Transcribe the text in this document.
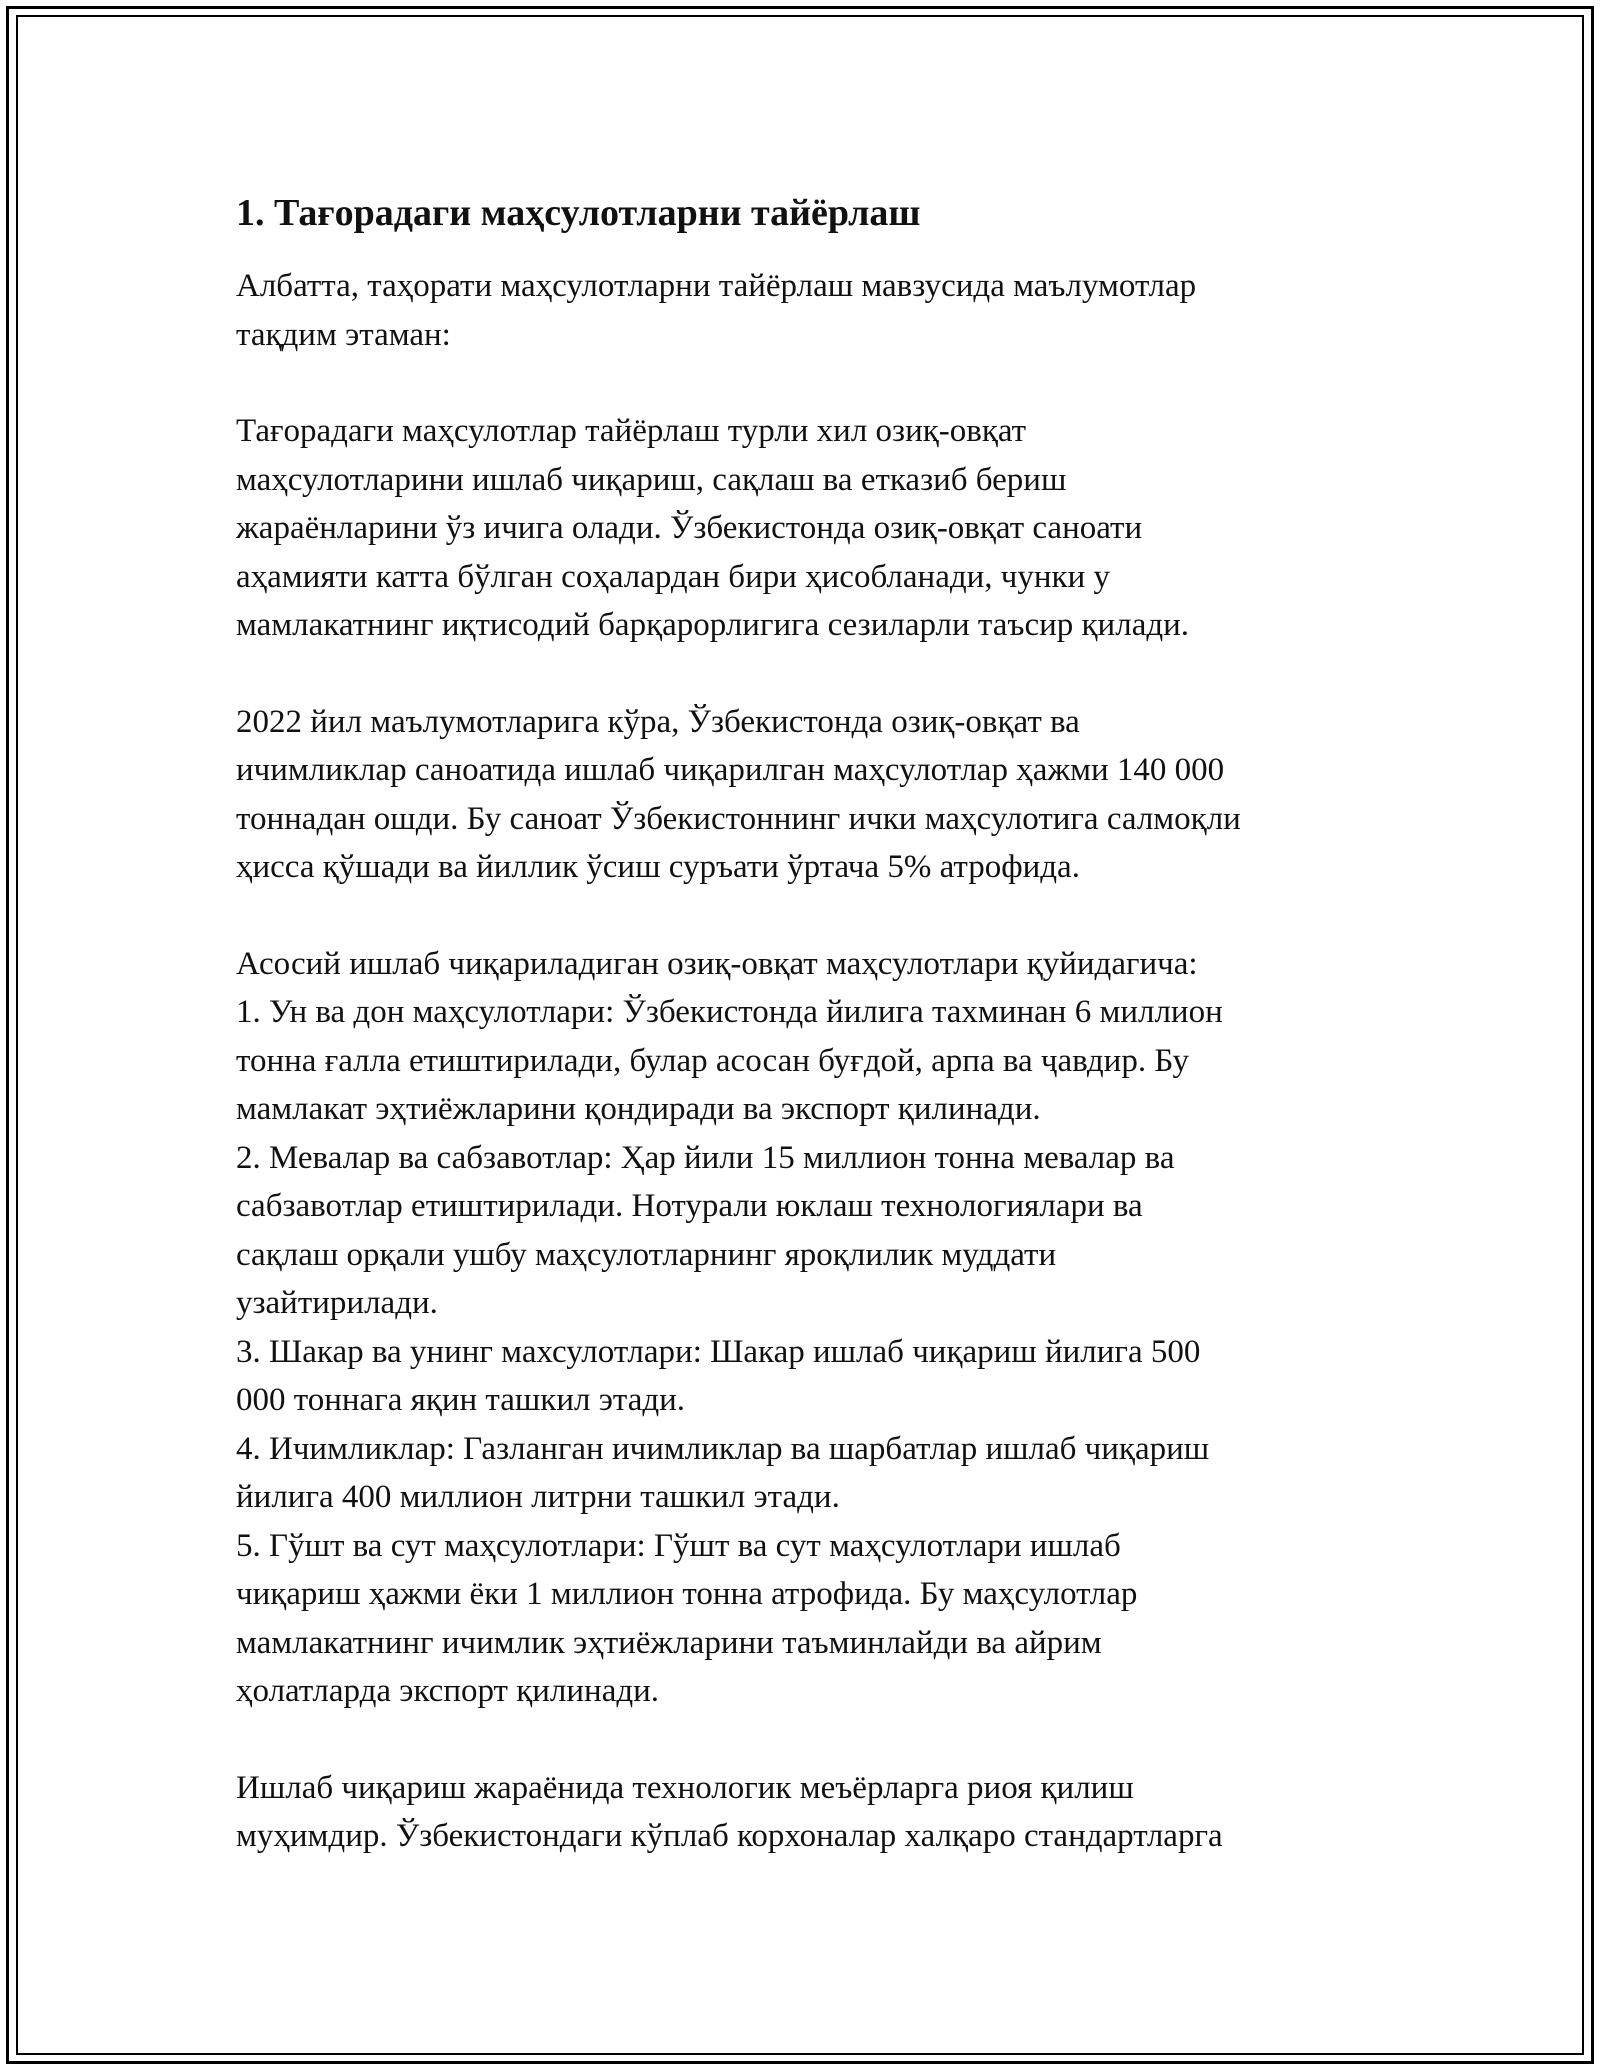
1. Тағорадаги маҳсулотларни тайёрлаш
Албатта, таҳорати маҳсулотларни тайёрлаш мавзусида маълумотлар
тақдим этаман:
Тағорадаги маҳсулотлар тайёрлаш турли хил озиқ-овқат
маҳсулотларини ишлаб чиқариш, сақлаш ва етказиб бериш
жараёнларини ўз ичига олади. Ўзбекистонда озиқ-овқат саноати
аҳамияти катта бўлган соҳалардан бири ҳисобланади, чунки у
мамлакатнинг иқтисодий барқарорлигига сезиларли таъсир қилади.
2022 йил маълумотларига кўра, Ўзбекистонда озиқ-овқат ва
ичимликлар саноатида ишлаб чиқарилган маҳсулотлар ҳажми 140 000
тоннадан ошди. Бу саноат Ўзбекистоннинг ички маҳсулотига салмоқли
ҳисса қўшади ва йиллик ўсиш суръати ўртача 5% атрофида.
Асосий ишлаб чиқариладиган озиқ-овқат маҳсулотлари қуйидагича:
1. Ун ва дон маҳсулотлари: Ўзбекистонда йилига тахминан 6 миллион
тонна ғалла етиштирилади, булар асосан буғдой, арпа ва ҷавдир. Бу
мамлакат эҳтиёжларини қондиради ва экспорт қилинади.
2. Мевалар ва сабзавотлар: Ҳар йили 15 миллион тонна мевалар ва
сабзавотлар етиштирилади. Нотурали юклаш технологиялари ва
сақлаш орқали ушбу маҳсулотларнинг яроқлилик муддати
узайтирилади.
3. Шакар ва унинг махсулотлари: Шакар ишлаб чиқариш йилига 500
000 тоннага яқин ташкил этади.
4. Ичимликлар: Газланган ичимликлар ва шарбатлар ишлаб чиқариш
йилига 400 миллион литрни ташкил этади.
5. Гўшт ва сут маҳсулотлари: Гўшт ва сут маҳсулотлари ишлаб
чиқариш ҳажми ёки 1 миллион тонна атрофида. Бу маҳсулотлар
мамлакатнинг ичимлик эҳтиёжларини таъминлайди ва айрим
ҳолатларда экспорт қилинади.
Ишлаб чиқариш жараёнида технологик меъёрларга риоя қилиш
муҳимдир. Ўзбекистондаги кўплаб корхоналар халқаро стандартларга
